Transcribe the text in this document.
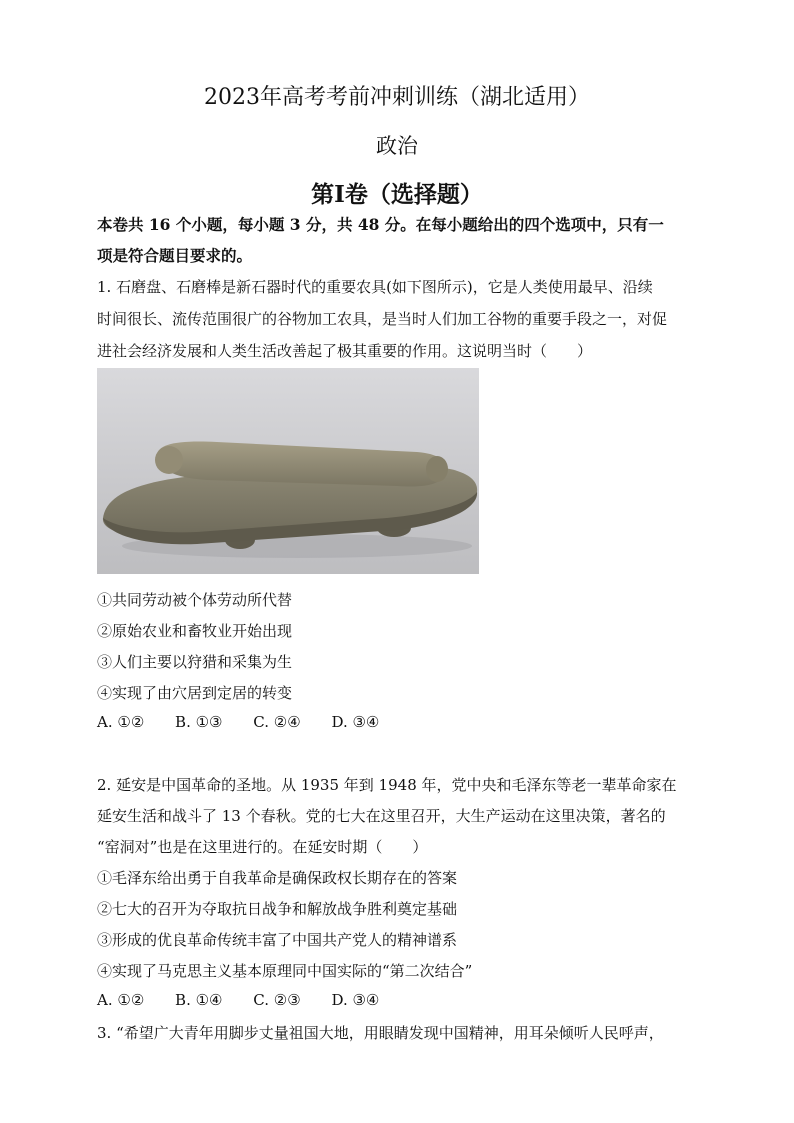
2023年高考考前冲刺训练（湖北适用）
政治
第Ⅰ卷（选择题）
本卷共 16 个小题，每小题 3 分，共 48 分。在每小题给出的四个选项中，只有一
项是符合题目要求的。
1. 石磨盘、石磨棒是新石器时代的重要农具(如下图所示)，它是人类使用最早、沿续
时间很长、流传范围很广的谷物加工农具，是当时人们加工谷物的重要手段之一，对促
进社会经济发展和人类生活改善起了极其重要的作用。这说明当时（　　）
①共同劳动被个体劳动所代替
②原始农业和畜牧业开始出现
③人们主要以狩猎和采集为生
④实现了由穴居到定居的转变
A. ①② B. ①③ C. ②④ D. ③④
2. 延安是中国革命的圣地。从 1935 年到 1948 年，党中央和毛泽东等老一辈革命家在
延安生活和战斗了 13 个春秋。党的七大在这里召开，大生产运动在这里决策，著名的
“窑洞对”也是在这里进行的。在延安时期（　　）
①毛泽东给出勇于自我革命是确保政权长期存在的答案
②七大的召开为夺取抗日战争和解放战争胜利奠定基础
③形成的优良革命传统丰富了中国共产党人的精神谱系
④实现了马克思主义基本原理同中国实际的“第二次结合”
A. ①② B. ①④ C. ②③ D. ③④
3. “希望广大青年用脚步丈量祖国大地，用眼睛发现中国精神，用耳朵倾听人民呼声，
